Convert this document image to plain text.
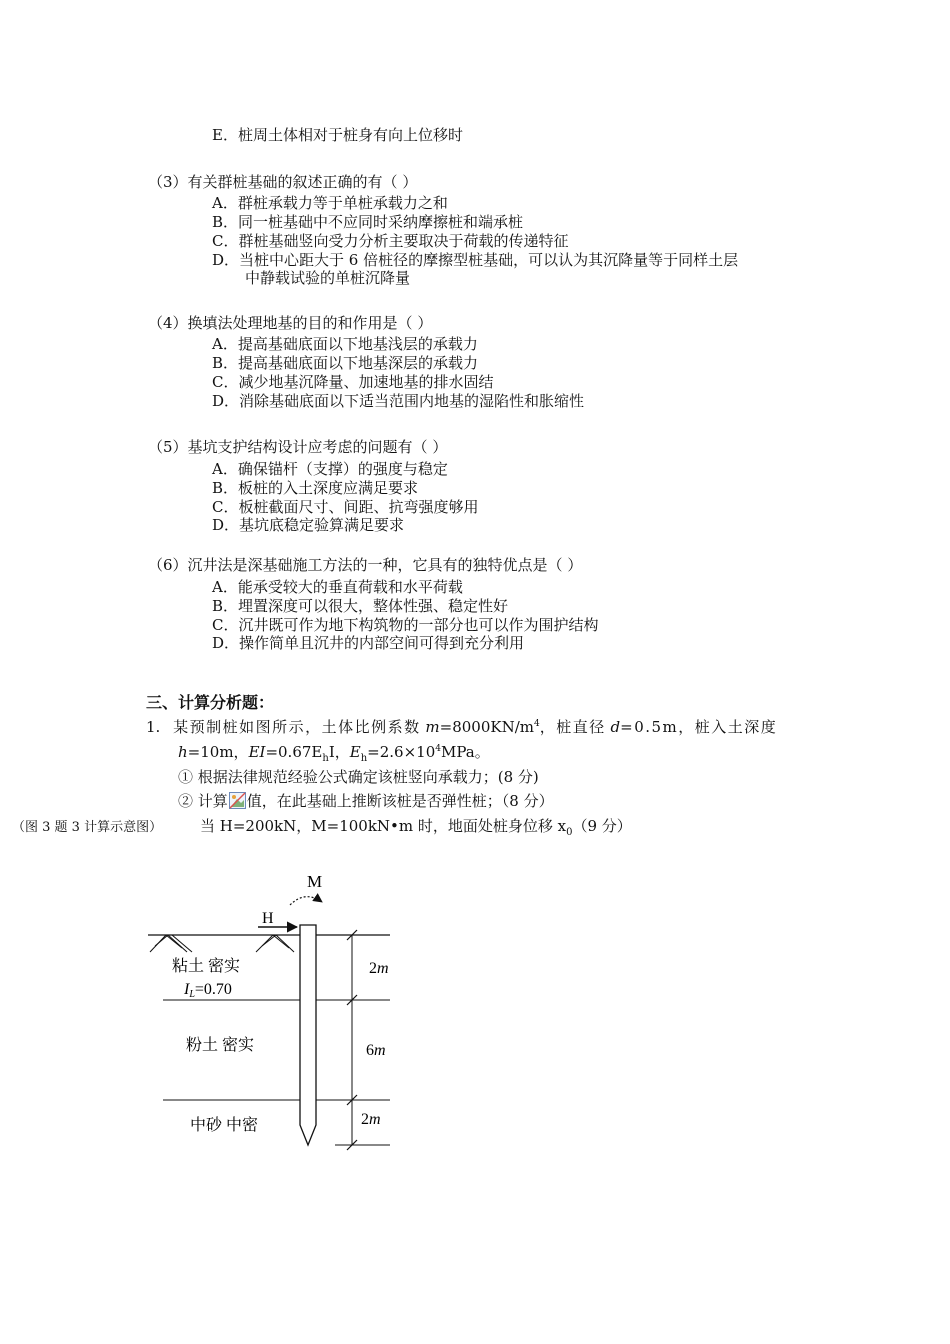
E．桩周土体相对于桩身有向上位移时
（3）有关群桩基础的叙述正确的有（ ）
A．群桩承载力等于单桩承载力之和
B．同一桩基础中不应同时采纳摩擦桩和端承桩
C．群桩基础竖向受力分析主要取决于荷载的传递特征
D．当桩中心距大于 6 倍桩径的摩擦型桩基础，可以认为其沉降量等于同样土层
中静载试验的单桩沉降量
（4）换填法处理地基的目的和作用是（ ）
A．提高基础底面以下地基浅层的承载力
B．提高基础底面以下地基深层的承载力
C．减少地基沉降量、加速地基的排水固结
D．消除基础底面以下适当范围内地基的湿陷性和胀缩性
（5）基坑支护结构设计应考虑的问题有（ ）
A．确保锚杆（支撑）的强度与稳定
B．板桩的入土深度应满足要求
C．板桩截面尺寸、间距、抗弯强度够用
D．基坑底稳定验算满足要求
（6）沉井法是深基础施工方法的一种，它具有的独特优点是（ ）
A．能承受较大的垂直荷载和水平荷载
B．埋置深度可以很大，整体性强、稳定性好
C．沉井既可作为地下构筑物的一部分也可以作为围护结构
D．操作简单且沉井的内部空间可得到充分利用
三、计算分析题：
1. 某预制桩如图所示，土体比例系数 $m=8000KN/m^4$，桩直径 d=0.5m，桩入土深度
h=10m，$EI=0.67E_hI$，$E_h=2.6\times 10^4MPa$。
① 根据法律规范经验公式确定该桩竖向承载力；(8 分)
② 计算 值，在此基础上推断该桩是否弹性桩；（8 分）
（图 3 题 3 计算示意图）	当 H=200kN，M=100kN•m 时，地面处桩身位移 $x_0(9$ 分）
M
H
2m
6m
2m
粘土 密实
IL=0.70
粉土 密实
中砂 中密
